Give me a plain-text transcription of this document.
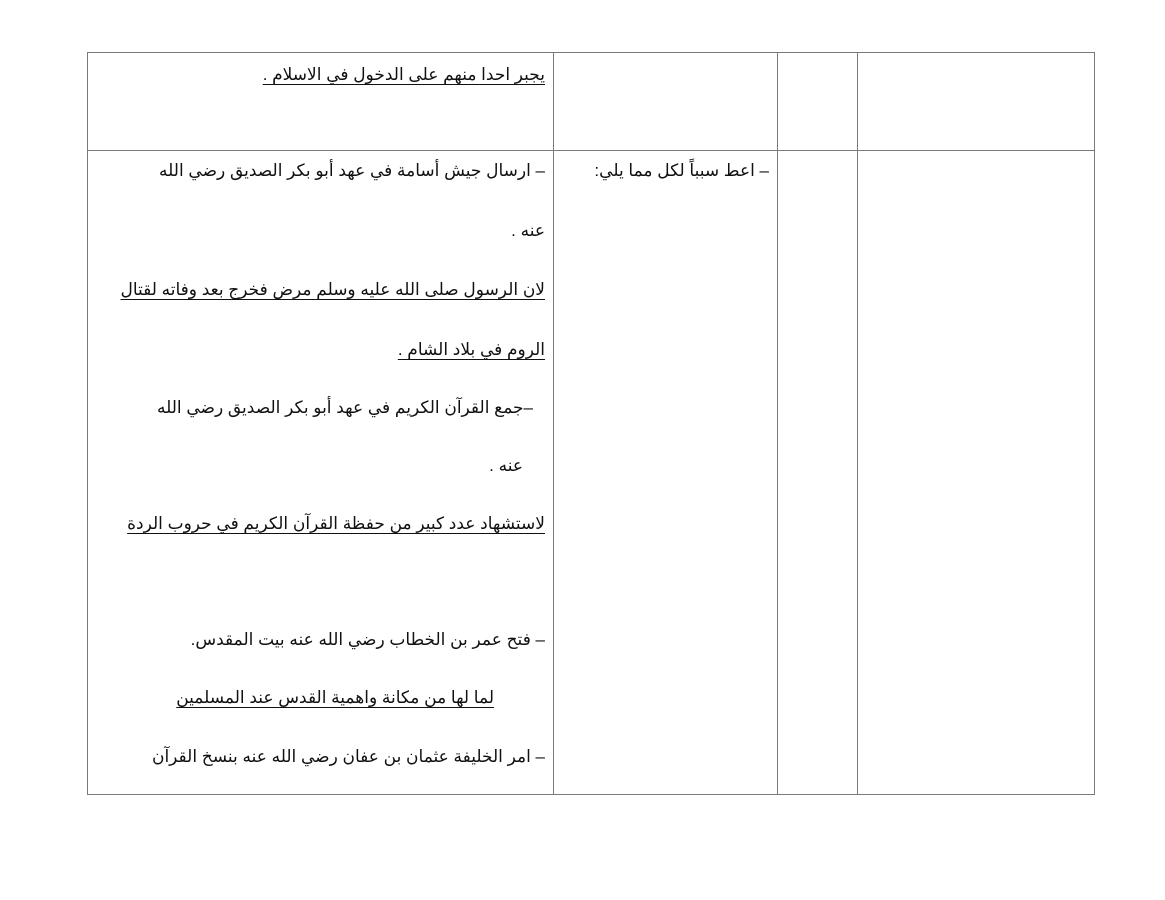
يجبر احدا منهم على الدخول في الاسلام .
– ارسال جيش أسامة في عهد أبو بكر الصديق رضي الله
عنه .
لان الرسول صلى الله عليه وسلم مرض فخرج بعد وفاته لقتال
الروم في بلاد الشام .
–جمع القرآن الكريم في عهد أبو بكر الصديق رضي الله
عنه .
لاستشهاد عدد كبير من حفظة القرآن الكريم في حروب الردة
– فتح عمر بن الخطاب رضي الله عنه بيت المقدس.
لما لها من مكانة واهمية القدس عند المسلمين
– امر الخليفة عثمان بن عفان رضي الله عنه بنسخ القرآن
– اعط سبباً لكل مما يلي:
